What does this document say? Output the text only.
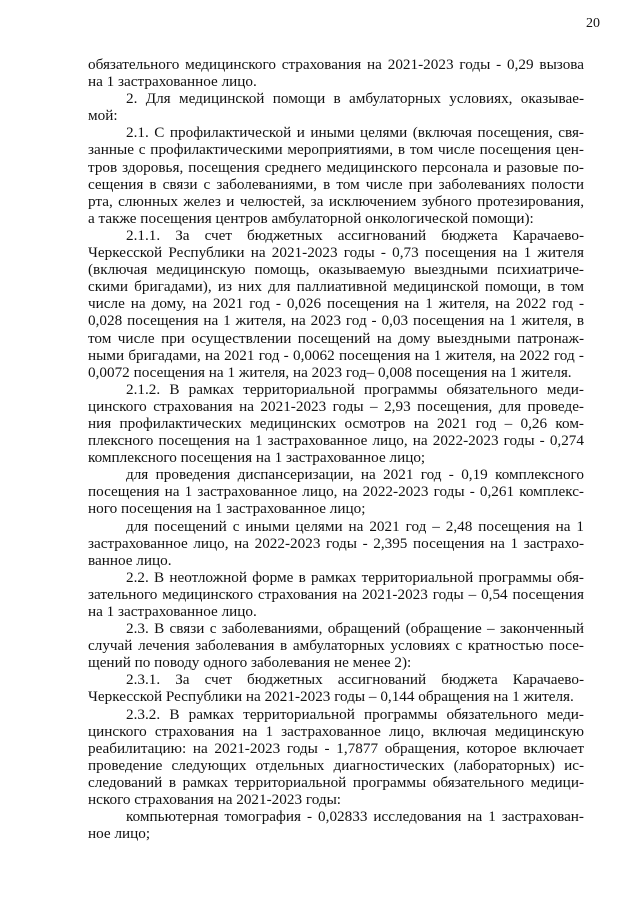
20
обязательного медицинского страхования на 2021-2023 годы - 0,29 вызова
на 1 застрахованное лицо.
2. Для медицинской помощи в амбулаторных условиях, оказывае-
мой:
2.1. С профилактической и иными целями (включая посещения, свя-
занные с профилактическими мероприятиями, в том числе посещения цен-
тров здоровья, посещения среднего медицинского персонала и разовые по-
сещения в связи с заболеваниями, в том числе при заболеваниях полости
рта, слюнных желез и челюстей, за исключением зубного протезирования,
а также посещения центров амбулаторной онкологической помощи):
2.1.1. За счет бюджетных ассигнований бюджета Карачаево-
Черкесской Республики на 2021-2023 годы - 0,73 посещения на 1 жителя
(включая медицинскую помощь, оказываемую выездными психиатриче-
скими бригадами), из них для паллиативной медицинской помощи, в том
числе на дому, на 2021 год - 0,026 посещения на 1 жителя, на 2022 год -
0,028 посещения на 1 жителя, на 2023 год - 0,03 посещения на 1 жителя, в
том числе при осуществлении посещений на дому выездными патронаж-
ными бригадами, на 2021 год - 0,0062 посещения на 1 жителя, на 2022 год -
0,0072 посещения на 1 жителя, на 2023 год– 0,008 посещения на 1 жителя.
2.1.2. В рамках территориальной программы обязательного меди-
цинского страхования на 2021-2023 годы – 2,93 посещения, для проведе-
ния профилактических медицинских осмотров на 2021 год – 0,26 ком-
плексного посещения на 1 застрахованное лицо, на 2022-2023 годы - 0,274
комплексного посещения на 1 застрахованное лицо;
для проведения диспансеризации, на 2021 год - 0,19 комплексного
посещения на 1 застрахованное лицо, на 2022-2023 годы - 0,261 комплекс-
ного посещения на 1 застрахованное лицо;
для посещений с иными целями на 2021 год – 2,48 посещения на 1
застрахованное лицо, на 2022-2023 годы - 2,395 посещения на 1 застрахо-
ванное лицо.
2.2. В неотложной форме в рамках территориальной программы обя-
зательного медицинского страхования на 2021-2023 годы – 0,54 посещения
на 1 застрахованное лицо.
2.3. В связи с заболеваниями, обращений (обращение – законченный
случай лечения заболевания в амбулаторных условиях с кратностью посе-
щений по поводу одного заболевания не менее 2):
2.3.1. За счет бюджетных ассигнований бюджета Карачаево-
Черкесской Республики на 2021-2023 годы – 0,144 обращения на 1 жителя.
2.3.2. В рамках территориальной программы обязательного меди-
цинского страхования на 1 застрахованное лицо, включая медицинскую
реабилитацию: на 2021-2023 годы - 1,7877 обращения, которое включает
проведение следующих отдельных диагностических (лабораторных) ис-
следований в рамках территориальной программы обязательного медици-
нского страхования на 2021-2023 годы:
компьютерная томография - 0,02833 исследования на 1 застрахован-
ное лицо;
